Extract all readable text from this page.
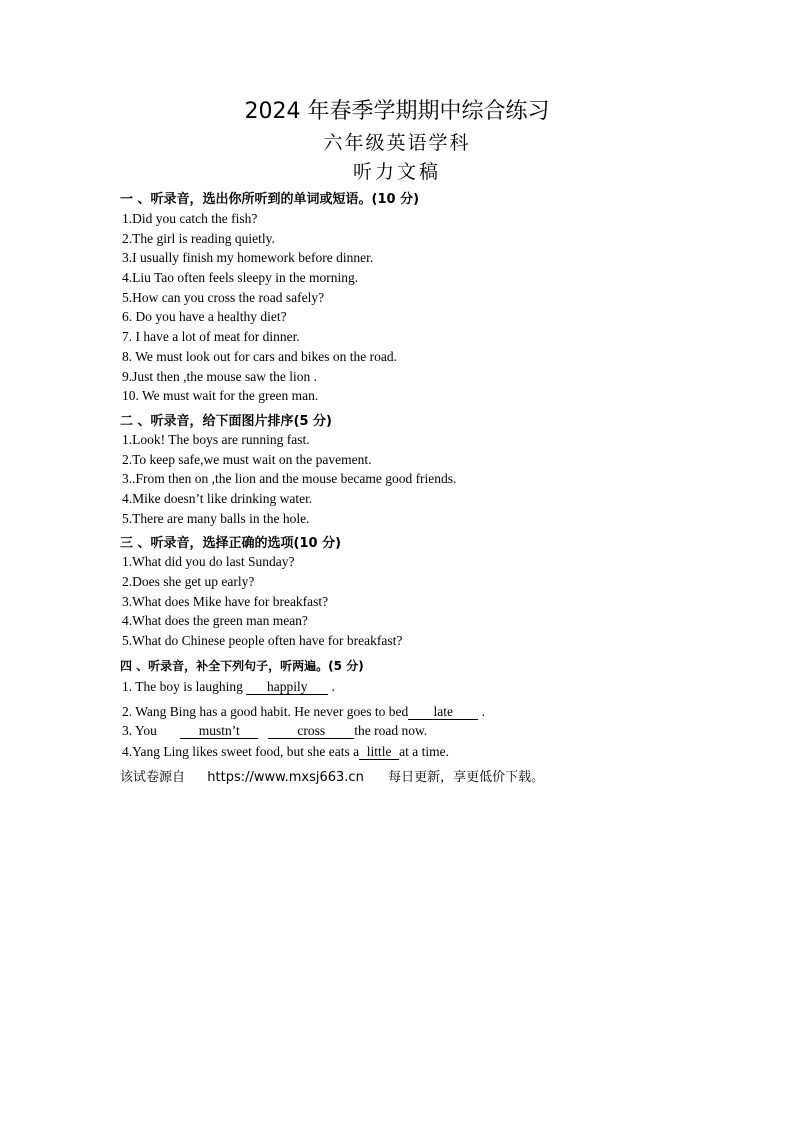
2024 年春季学期期中综合练习
六年级英语学科
听力文稿
一 、听录音，选出你所听到的单词或短语。(10 分)
1.Did you catch the fish?
2.The girl is reading quietly.
3.I usually finish my homework before dinner.
4.Liu Tao often feels sleepy in the morning.
5.How can you cross the road safely?
6. Do you have a healthy diet?
7. I have a lot of meat for dinner.
8. We must look out for cars and bikes on the road.
9.Just then ,the mouse saw the lion .
10. We must wait for the green man.
二 、听录音，给下面图片排序(5 分)
1.Look! The boys are running fast.
2.To keep safe,we must wait on the pavement.
3..From then on ,the lion and the mouse became good friends.
4.Mike doesn’t like drinking water.
5.There are many balls in the hole.
三 、听录音，选择正确的选项(10 分)
1.What did you do last Sunday?
2.Does she get up early?
3.What does Mike have for breakfast?
4.What does the green man mean?
5.What do Chinese people often have for breakfast?
四 、听录音，补全下列句子，听两遍。(5 分)
1. The boy is laughing happily .
2. Wang Bing has a good habit. He never goes to bed late .
3. You	mustn’t	cross the road now.
4.Yang Ling likes sweet food, but she eats a little at a time.
该试卷源自 https://www.mxsj663.cn 每日更新，享更低价下载。
